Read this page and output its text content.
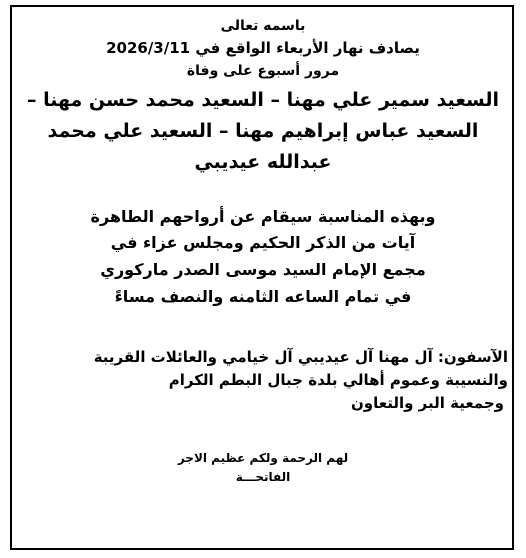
باسمه تعالى
يصادف نهار الأربعاء الواقع في 2026/3/11
مرور أسبوع على وفاة
السعيد سمير علي مهنا – السعيد محمد حسن مهنا –
السعيد عباس إبراهيم مهنا – السعيد علي محمد
عبدالله عيديبي
وبهذه المناسبة سيقام عن أرواحهم الطاهرة
آيات من الذكر الحكيم ومجلس عزاء في
مجمع الإمام السيد موسى الصدر ماركوري
في تمام الساعه الثامنه والنصف مساءً
الآسفون: آل مهنا آل عيديبي آل خيامي والعائلات القريبة
والنسيبة وعموم أهالي بلدة جبال البطم الكرام
وجمعية البر والتعاون
لهم الرحمة ولكم عظيم الاجر
الفاتحـــة
